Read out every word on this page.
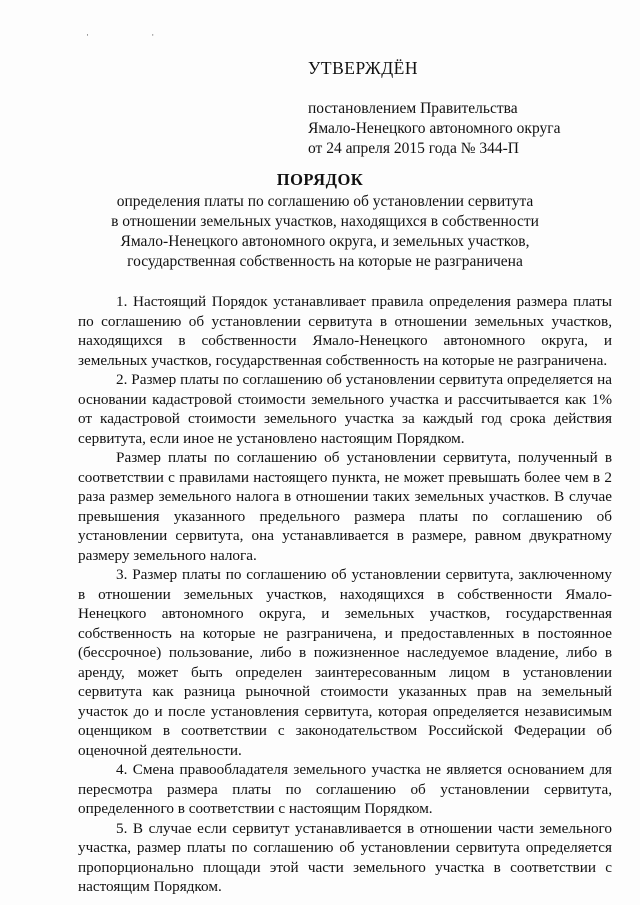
· ·
УТВЕРЖДЁН
постановлением Правительства
Ямало-Ненецкого автономного округа
от 24 апреля 2015 года № 344-П
ПОРЯДОК
определения платы по соглашению об установлении сервитута
в отношении земельных участков, находящихся в собственности
Ямало-Ненецкого автономного округа, и земельных участков,
государственная собственность на которые не разграничена

1. Настоящий Порядок устанавливает правила определения размера платы по соглашению об установлении сервитута в отношении земельных участков, находящихся в собственности Ямало-Ненецкого автономного округа, и земельных участков, государственная собственность на которые не разграничена.

2. Размер платы по соглашению об установлении сервитута определяется на основании кадастровой стоимости земельного участка и рассчитывается как 1% от кадастровой стоимости земельного участка за каждый год срока действия сервитута, если иное не установлено настоящим Порядком.

Размер платы по соглашению об установлении сервитута, полученный в соответствии с правилами настоящего пункта, не может превышать более чем в 2 раза размер земельного налога в отношении таких земельных участков. В случае превышения указанного предельного размера платы по соглашению об установлении сервитута, она устанавливается в размере, равном двукратному размеру земельного налога.

3. Размер платы по соглашению об установлении сервитута, заключенному в отношении земельных участков, находящихся в собственности Ямало-Ненецкого автономного округа, и земельных участков, государственная собственность на которые не разграничена, и предоставленных в постоянное (бессрочное) пользование, либо в пожизненное наследуемое владение, либо в аренду, может быть определен заинтересованным лицом в установлении сервитута как разница рыночной стоимости указанных прав на земельный участок до и после установления сервитута, которая определяется независимым оценщиком в соответствии с законодательством Российской Федерации об оценочной деятельности.

4. Смена правообладателя земельного участка не является основанием для пересмотра размера платы по соглашению об установлении сервитута, определенного в соответствии с настоящим Порядком.

5. В случае если сервитут устанавливается в отношении части земельного участка, размер платы по соглашению об установлении сервитута определяется пропорционально площади этой части земельного участка в соответствии с настоящим Порядком.
